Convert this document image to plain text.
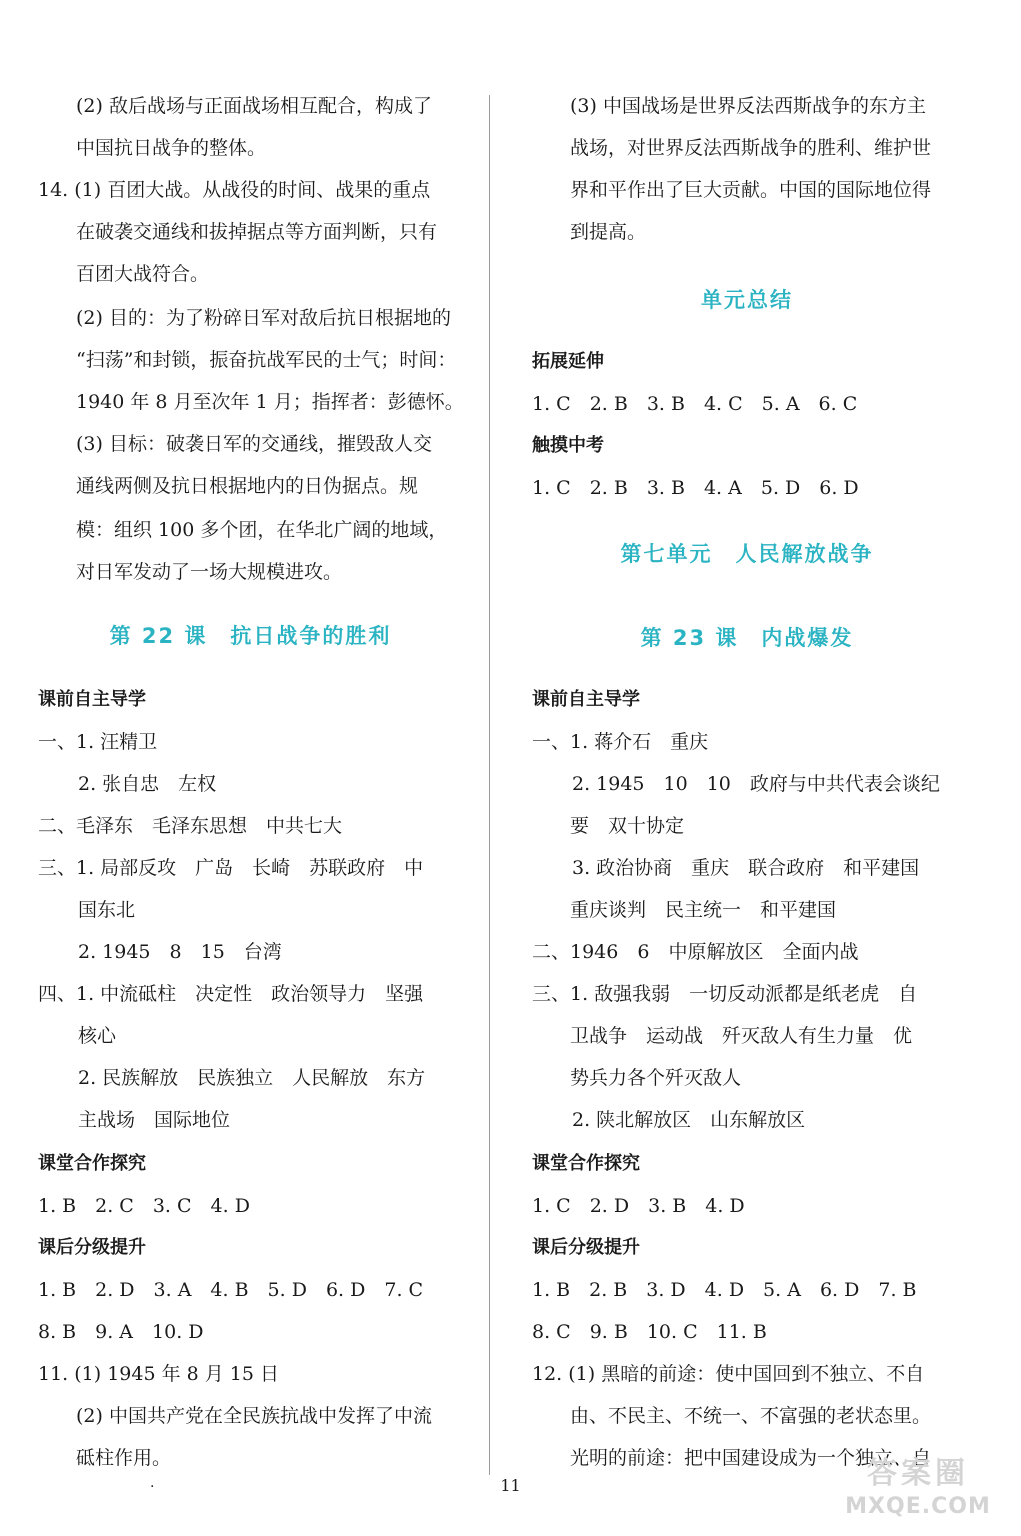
(2) 敌后战场与正面战场相互配合，构成了
中国抗日战争的整体。
14. (1) 百团大战。从战役的时间、战果的重点
在破袭交通线和拔掉据点等方面判断，只有
百团大战符合。
(2) 目的：为了粉碎日军对敌后抗日根据地的
“扫荡”和封锁，振奋抗战军民的士气；时间：
1940 年 8 月至次年 1 月；指挥者：彭德怀。
(3) 目标：破袭日军的交通线，摧毁敌人交
通线两侧及抗日根据地内的日伪据点。规
模：组织 100 多个团，在华北广阔的地域，
对日军发动了一场大规模进攻。
第 22 课　抗日战争的胜利
课前自主导学
一、1. 汪精卫
2. 张自忠　左权
二、毛泽东　毛泽东思想　中共七大
三、1. 局部反攻　广岛　长崎　苏联政府　中
国东北
2. 1945　8　15　台湾
四、1. 中流砥柱　决定性　政治领导力　坚强
核心
2. 民族解放　民族独立　人民解放　东方
主战场　国际地位
课堂合作探究
1. B　2. C　3. C　4. D
课后分级提升
1. B　2. D　3. A　4. B　5. D　6. D　7. C
8. B　9. A　10. D
11. (1) 1945 年 8 月 15 日
(2) 中国共产党在全民族抗战中发挥了中流
砥柱作用。
(3) 中国战场是世界反法西斯战争的东方主
战场，对世界反法西斯战争的胜利、维护世
界和平作出了巨大贡献。中国的国际地位得
到提高。
单元总结
拓展延伸
1. C　2. B　3. B　4. C　5. A　6. C
触摸中考
1. C　2. B　3. B　4. A　5. D　6. D
第七单元　人民解放战争
第 23 课　内战爆发
课前自主导学
一、1. 蒋介石　重庆
2. 1945　10　10　政府与中共代表会谈纪
要　双十协定
3. 政治协商　重庆　联合政府　和平建国
重庆谈判　民主统一　和平建国
二、1946　6　中原解放区　全面内战
三、1. 敌强我弱　一切反动派都是纸老虎　自
卫战争　运动战　歼灭敌人有生力量　优
势兵力各个歼灭敌人
2. 陕北解放区　山东解放区
课堂合作探究
1. C　2. D　3. B　4. D
课后分级提升
1. B　2. B　3. D　4. D　5. A　6. D　7. B
8. C　9. B　10. C　11. B
12. (1) 黑暗的前途：使中国回到不独立、不自
由、不民主、不统一、不富强的老状态里。
光明的前途：把中国建设成为一个独立、自
.	11	答案圈
MXQE.COM
